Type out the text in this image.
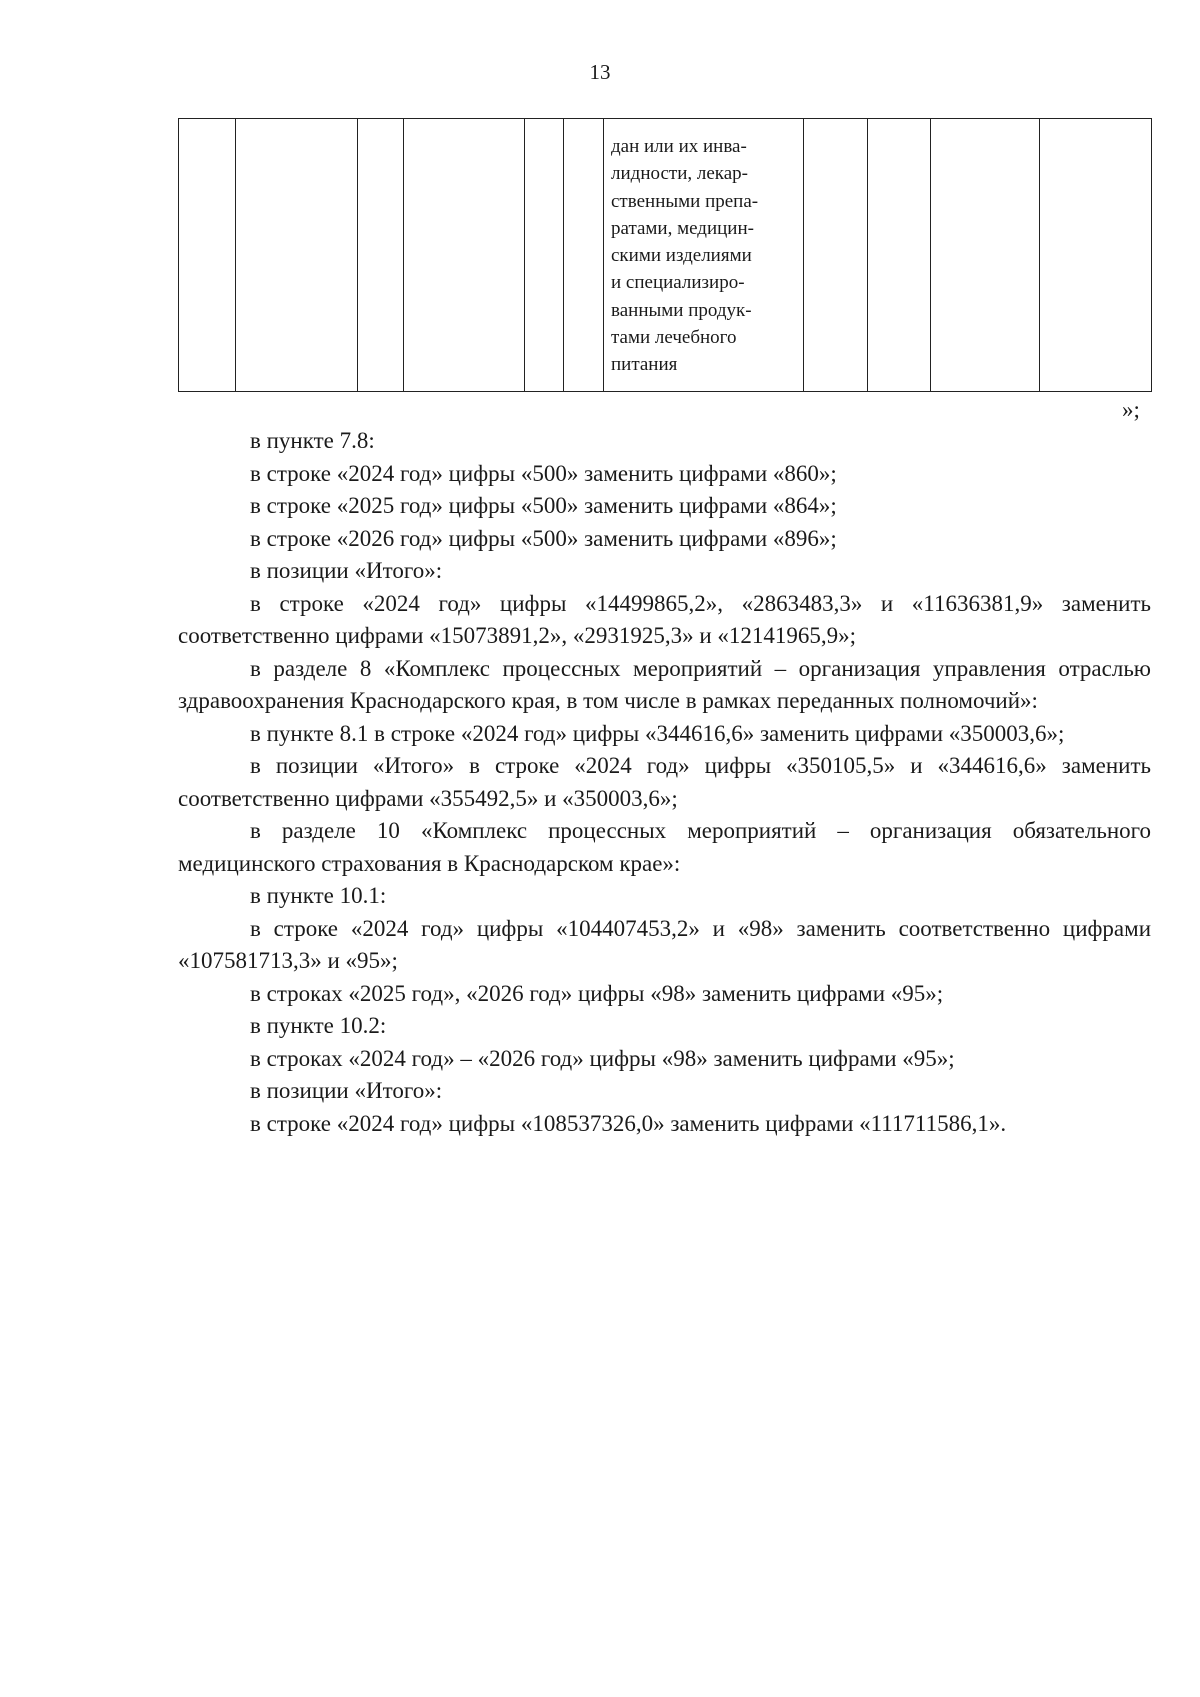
13

дан или их инва-
лидности, лекар-
ственными препа-
ратами, медицин-
скими изделиями
и специализиро-
ванными продук-
тами лечебного
питания

»;

в пункте 7.8:

в строке «2024 год» цифры «500» заменить цифрами «860»;

в строке «2025 год» цифры «500» заменить цифрами «864»;

в строке «2026 год» цифры «500» заменить цифрами «896»;

в позиции «Итого»:

в строке «2024 год» цифры «14499865,2», «2863483,3» и «11636381,9» заменить соответственно цифрами «15073891,2», «2931925,3» и «12141965,9»;

в разделе 8 «Комплекс процессных мероприятий – организация управления отраслью здравоохранения Краснодарского края, в том числе в рамках переданных полномочий»:

в пункте 8.1 в строке «2024 год» цифры «344616,6» заменить цифрами «350003,6»;

в позиции «Итого» в строке «2024 год» цифры «350105,5» и «344616,6» заменить соответственно цифрами «355492,5» и «350003,6»;

в разделе 10 «Комплекс процессных мероприятий – организация обязательного медицинского страхования в Краснодарском крае»:

в пункте 10.1:

в строке «2024 год» цифры «104407453,2» и «98» заменить соответственно цифрами «107581713,3» и «95»;

в строках «2025 год», «2026 год» цифры «98» заменить цифрами «95»;

в пункте 10.2:

в строках «2024 год» – «2026 год» цифры «98» заменить цифрами «95»;

в позиции «Итого»:

в строке «2024 год» цифры «108537326,0» заменить цифрами «111711586,1».
